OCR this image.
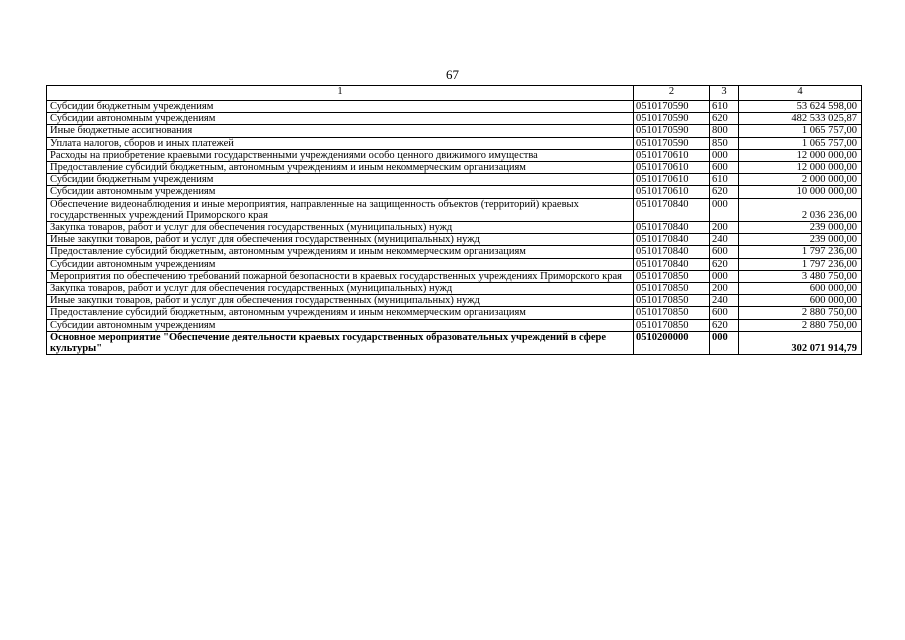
67
1	2	3	4
Субсидии бюджетным учреждениям	0510170590	610	53 624 598,00
Субсидии автономным учреждениям	0510170590	620	482 533 025,87
Иные бюджетные ассигнования	0510170590	800	1 065 757,00
Уплата налогов, сборов и иных платежей	0510170590	850	1 065 757,00
Расходы на приобретение краевыми государственными учреждениями особо ценного движимого имущества	0510170610	000	12 000 000,00
Предоставление субсидий бюджетным, автономным учреждениям и иным некоммерческим организациям	0510170610	600	12 000 000,00
Субсидии бюджетным учреждениям	0510170610	610	2 000 000,00
Субсидии автономным учреждениям	0510170610	620	10 000 000,00
Обеспечение видеонаблюдения и иные мероприятия, направленные на защищенность объектов (территорий) краевых государственных учреждений Приморского края	0510170840	000	2 036 236,00
Закупка товаров, работ и услуг для обеспечения государственных (муниципальных) нужд	0510170840	200	239 000,00
Иные закупки товаров, работ и услуг для обеспечения государственных (муниципальных) нужд	0510170840	240	239 000,00
Предоставление субсидий бюджетным, автономным учреждениям и иным некоммерческим организациям	0510170840	600	1 797 236,00
Субсидии автономным учреждениям	0510170840	620	1 797 236,00
Мероприятия по обеспечению требований пожарной безопасности в краевых государственных учреждениях Приморского края	0510170850	000	3 480 750,00
Закупка товаров, работ и услуг для обеспечения государственных (муниципальных) нужд	0510170850	200	600 000,00
Иные закупки товаров, работ и услуг для обеспечения государственных (муниципальных) нужд	0510170850	240	600 000,00
Предоставление субсидий бюджетным, автономным учреждениям и иным некоммерческим организациям	0510170850	600	2 880 750,00
Субсидии автономным учреждениям	0510170850	620	2 880 750,00
Основное мероприятие "Обеспечение деятельности краевых государственных образовательных учреждений в сфере культуры"	0510200000	000	302 071 914,79
